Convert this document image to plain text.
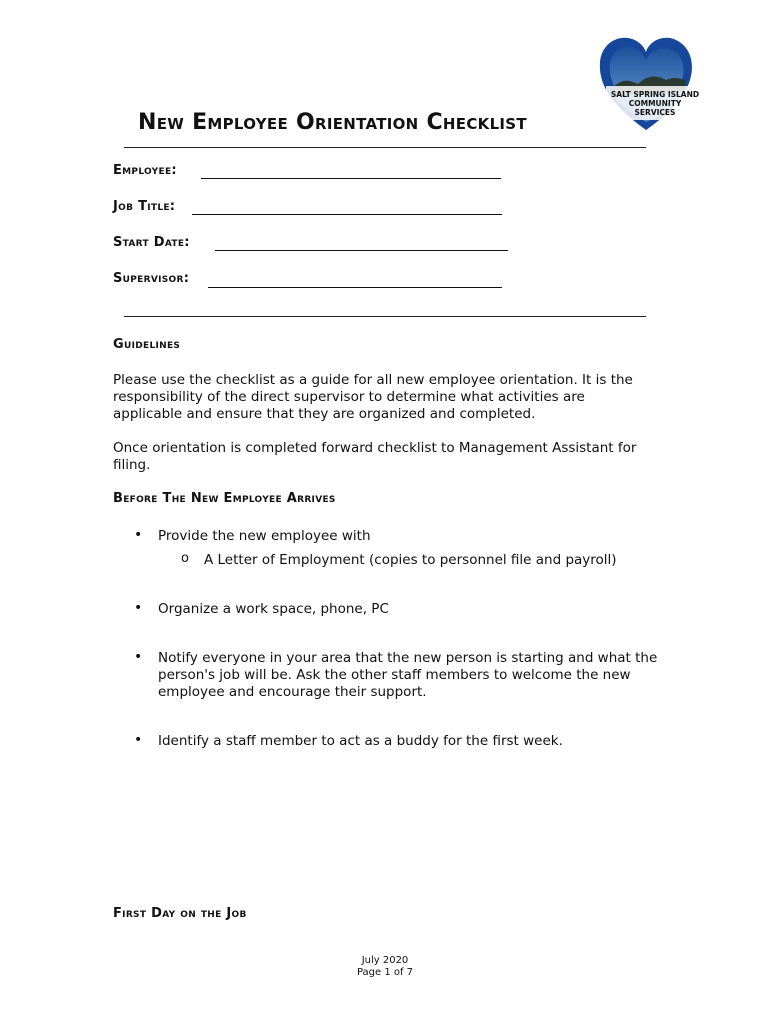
SALT SPRING ISLAND
COMMUNITY
SERVICES
New Employee Orientation Checklist
Employee:
Job Title:
Start Date:
Supervisor:
Guidelines
Please use the checklist as a guide for all new employee orientation. It is the responsibility of the direct supervisor to determine what activities are applicable and ensure that they are organized and completed.
Once orientation is completed forward checklist to Management Assistant for filing.
Before The New Employee Arrives
• Provide the new employee with
o A Letter of Employment (copies to personnel file and payroll)
• Organize a work space, phone, PC
• Notify everyone in your area that the new person is starting and what the person's job will be. Ask the other staff members to welcome the new employee and encourage their support.
• Identify a staff member to act as a buddy for the first week.
First Day on the Job
July 2020
Page 1 of 7
